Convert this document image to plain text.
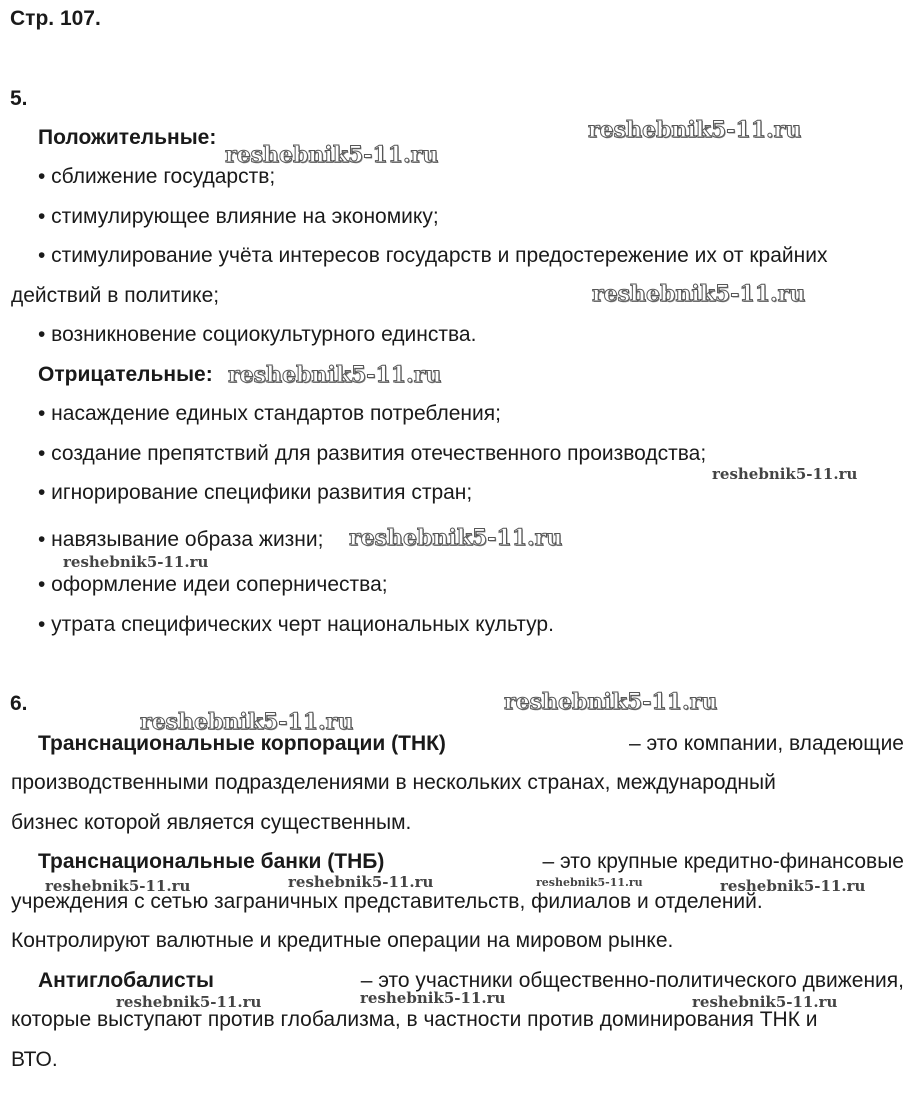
Стр. 107.
5.
Положительные:
• сближение государств;
• стимулирующее влияние на экономику;
• стимулирование учёта интересов государств и предостережение их от крайних
действий в политике;
• возникновение социокультурного единства.
Отрицательные:
• насаждение единых стандартов потребления;
• создание препятствий для развития отечественного производства;
• игнорирование специфики развития стран;
• навязывание образа жизни;
• оформление идеи соперничества;
• утрата специфических черт национальных культур.
6.
Транснациональные корпорации (ТНК)	– это компании, владеющие
производственными подразделениями в нескольких странах, международный
бизнес которой является существенным.
Транснациональные банки (ТНБ)	– это крупные кредитно-финансовые
учреждения с сетью заграничных представительств, филиалов и отделений.
Контролируют валютные и кредитные операции на мировом рынке.
Антиглобалисты	– это участники общественно-политического движения,
которые выступают против глобализма, в частности против доминирования ТНК и
ВТО.
reshebnik5-11.ru
reshebnik5-11.ru
reshebnik5-11.ru
reshebnik5-11.ru
reshebnik5-11.ru
reshebnik5-11.ru
reshebnik5-11.ru
reshebnik5-11.ru
reshebnik5-11.ru
reshebnik5-11.ru	reshebnik5-11.ru	reshebnik5-11.ru	reshebnik5-11.ru
reshebnik5-11.ru	reshebnik5-11.ru	reshebnik5-11.ru
